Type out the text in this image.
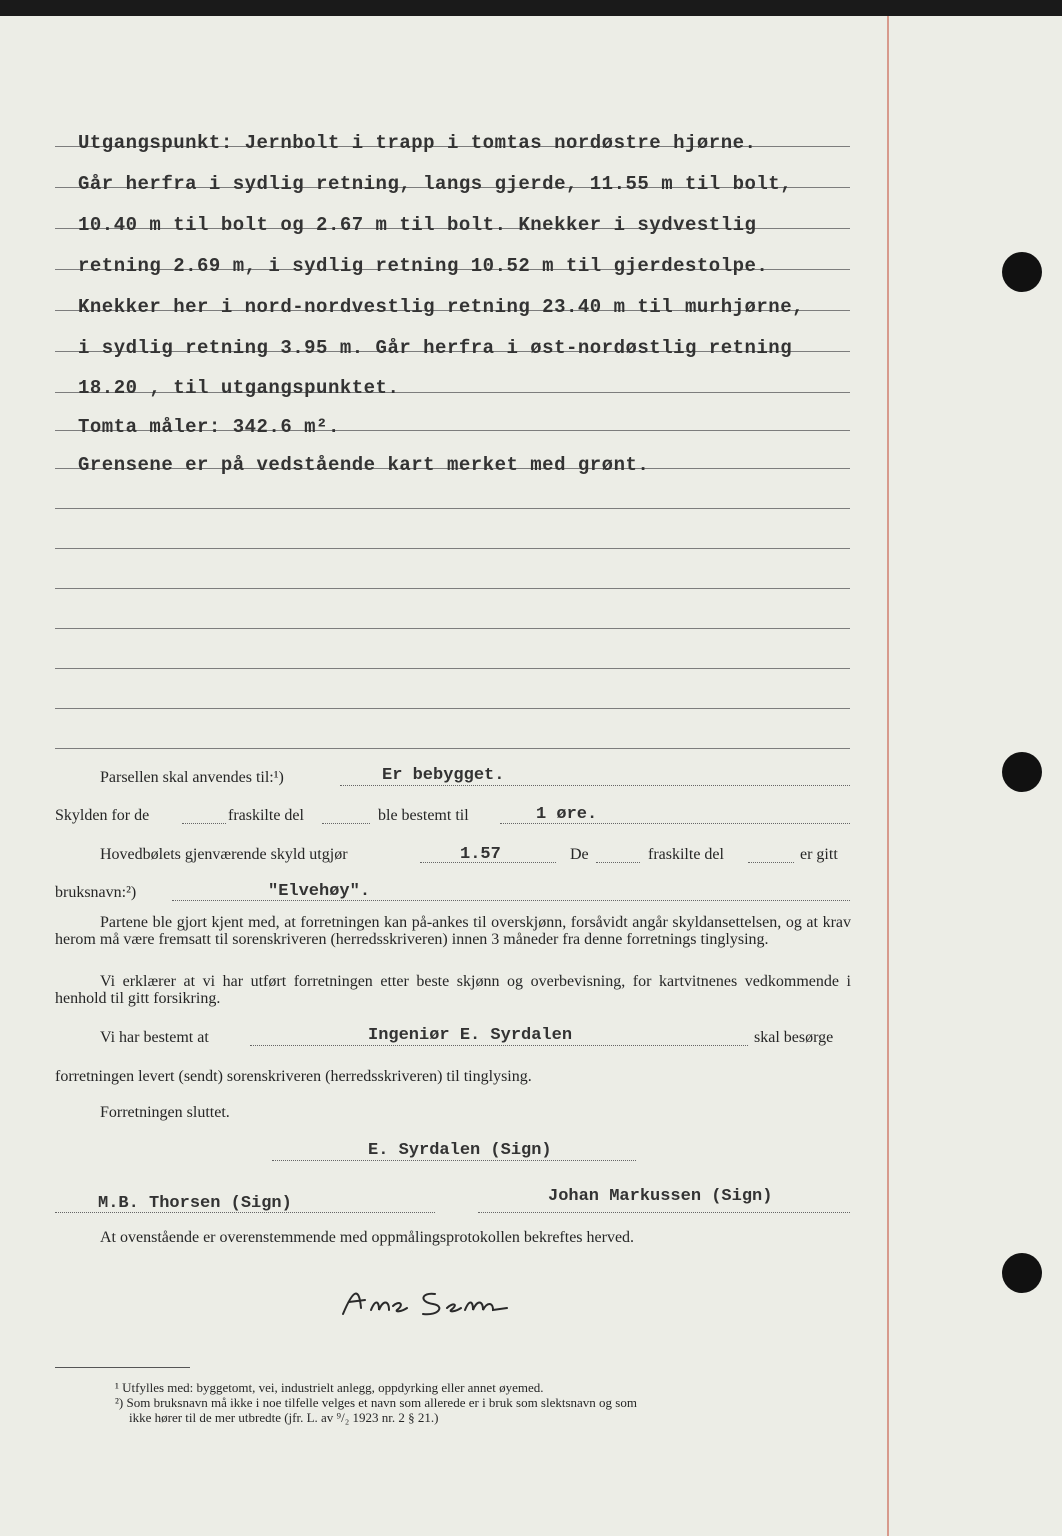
Utgangspunkt: Jernbolt i trapp i tomtas nordøstre hjørne.
Går herfra i sydlig retning, langs gjerde, 11.55 m til bolt,
10.40 m til bolt og 2.67 m til bolt. Knekker i sydvestlig
retning 2.69 m, i sydlig retning 10.52 m til gjerdestolpe.
Knekker her i nord-nordvestlig retning 23.40 m til murhjørne,
i sydlig retning 3.95 m. Går herfra i øst-nordøstlig retning
18.20 , til utgangspunktet.
Tomta måler: 342.6 m².
Grensene er på vedstående kart merket med grønt.
Parsellen skal anvendes til:¹)	Er bebygget.
Skylden for de	fraskilte del	ble bestemt til	1 øre.
Hovedbølets gjenværende skyld utgjør	1.57	De	fraskilte del	er gitt
bruksnavn:²)	"Elvehøy".
Partene ble gjort kjent med, at forretningen kan på-ankes til overskjønn, forsåvidt angår skyldansettelsen, og at krav herom må være fremsatt til sorenskriveren (herredsskriveren) innen 3 måneder fra denne forretnings tinglysing.
Vi erklærer at vi har utført forretningen etter beste skjønn og overbevisning, for kartvitnenes vedkommende i henhold til gitt forsikring.
Vi har bestemt at	Ingeniør E. Syrdalen	skal besørge
forretningen levert (sendt) sorenskriveren (herredsskriveren) til tinglysing.
Forretningen sluttet.
E. Syrdalen (Sign)
M.B. Thorsen (Sign)	Johan Markussen (Sign)
At ovenstående er overenstemmende med oppmålingsprotokollen bekreftes herved.
¹ Utfylles med: byggetomt, vei, industrielt anlegg, oppdyrking eller annet øyemed.
²) Som bruksnavn må ikke i noe tilfelle velges et navn som allerede er i bruk som slektsnavn og som
ikke hører til de mer utbredte (jfr. L. av ⁹/₂ 1923 nr. 2 § 21.)
